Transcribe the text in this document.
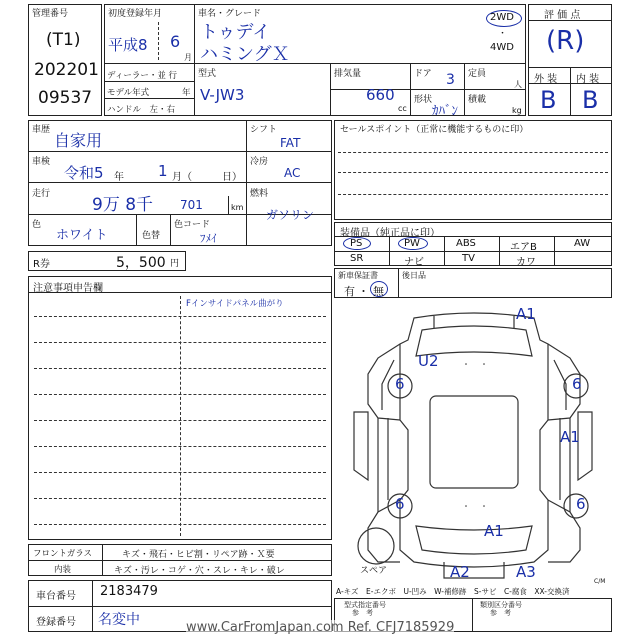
管理番号
(T1)
202201
09537
初度登録年月
平成8 6
月
車名・グレード
トゥデイ
ハミングＸ
2WD
・
4WD
評 価 点
(R)
外 装 内 装
B B
ディーラー・並 行
モデル年式	年
ハンドル　左・右
型式
V-JW3
排気量
660
cc
ドア 3 定員
人
形状
ｶﾊﾞﾝ
積載
kg
車歴
自家用
車検
令和5 年 1 月（	日）
走行
9万 8千 701	km
色
ホワイト	色替
色コード
ﾌﾒｲ
シフト
FAT
冷房
AC
燃料
ガソリン
R券	5，500 円
セールスポイント（正常に機能するものに印）
装備品（純正品に印）
PS	PW	ABS	エアB	AW
SR	ナビ	TV	カワ
新車保証書
有 ・ 無
後日品
注意事項申告欄
Fインサイドパネル曲がり
フロントガラス	キズ・飛石・ヒビ割・リペア跡・Ｘ要
内装	キズ・汚レ・コゲ・穴・スレ・キレ・破レ
車台番号 2183479
登録番号 名変中
型式指定番号
参　考
類別区分番号
参　考
A1
U2
6	6
A1
6	6
A1
A2	A3
スペア
A-キズ　E-エクボ　U-凹み　W-補修跡　S-サビ　C-腐食　XX-交換済
C/M
www.CarFromJapan.com Ref. CFJ7185929
